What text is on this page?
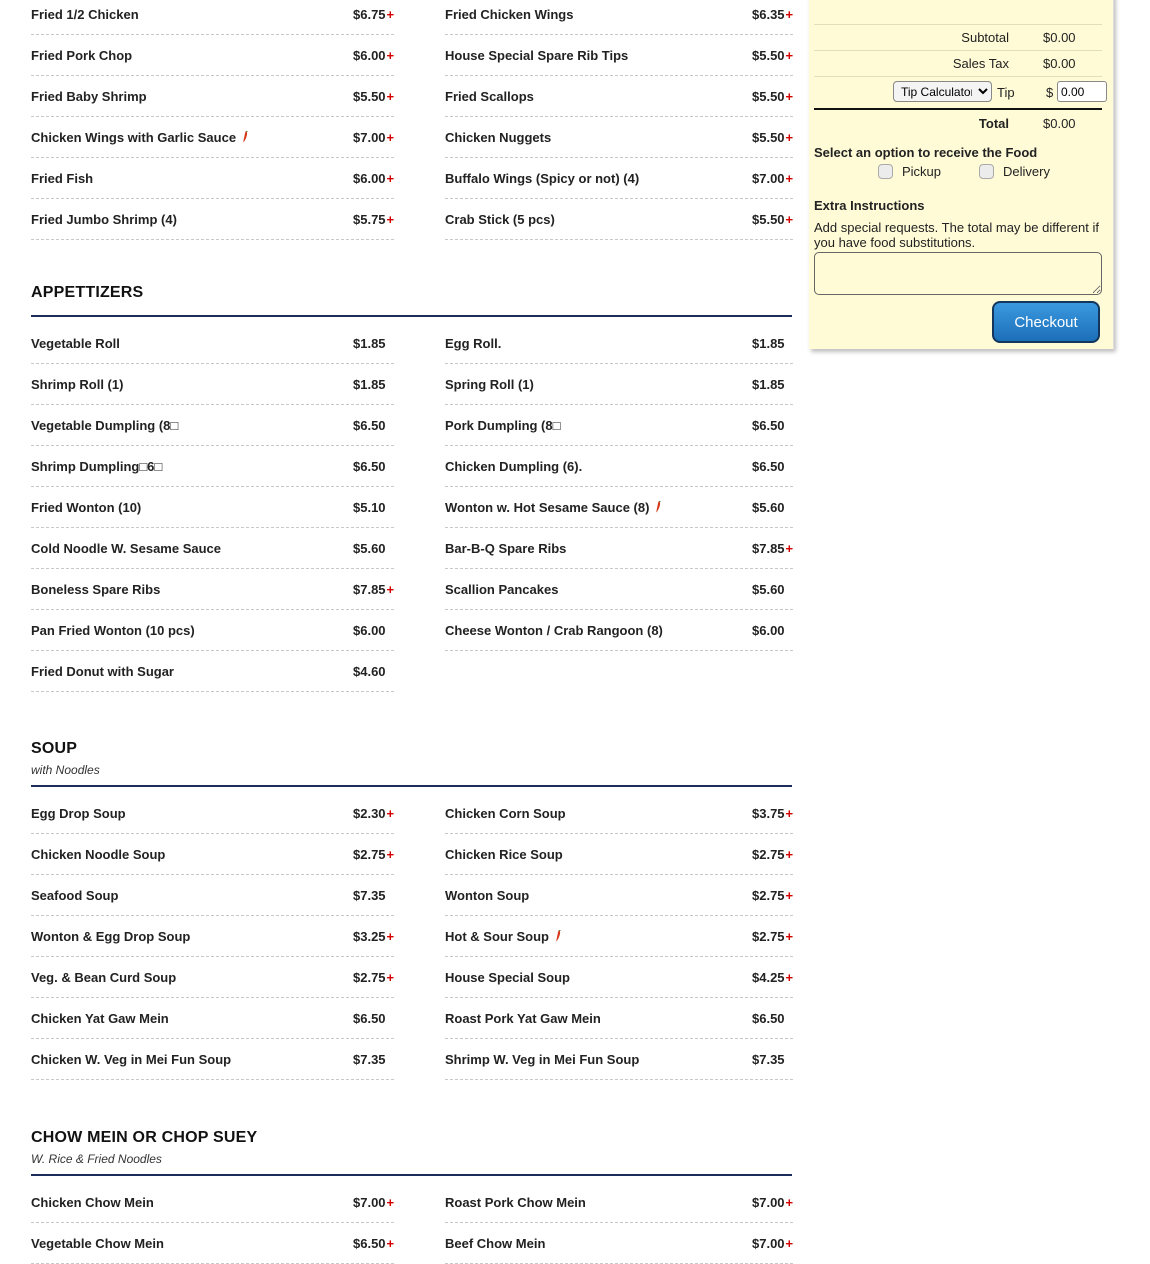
Fried 1/2 Chicken	$6.75+
Fried Pork Chop	$6.00+
Fried Baby Shrimp	$5.50+
Chicken Wings with Garlic Sauce	$7.00+
Fried Fish	$6.00+
Fried Jumbo Shrimp (4)	$5.75+
Fried Chicken Wings	$6.35+
House Special Spare Rib Tips	$5.50+
Fried Scallops	$5.50+
Chicken Nuggets	$5.50+
Buffalo Wings (Spicy or not) (4)	$7.00+
Crab Stick (5 pcs)	$5.50+
APPETTIZERS
Vegetable Roll	$1.85
Shrimp Roll (1)	$1.85
Vegetable Dumpling (8□	$6.50
Shrimp Dumpling□6□	$6.50
Fried Wonton (10)	$5.10
Cold Noodle W. Sesame Sauce	$5.60
Boneless Spare Ribs	$7.85+
Pan Fried Wonton (10 pcs)	$6.00
Fried Donut with Sugar	$4.60
Egg Roll.	$1.85
Spring Roll (1)	$1.85
Pork Dumpling (8□	$6.50
Chicken Dumpling (6).	$6.50
Wonton w. Hot Sesame Sauce (8)	$5.60
Bar-B-Q Spare Ribs	$7.85+
Scallion Pancakes	$5.60
Cheese Wonton / Crab Rangoon (8)	$6.00
SOUP
with Noodles
Egg Drop Soup	$2.30+
Chicken Noodle Soup	$2.75+
Seafood Soup	$7.35
Wonton & Egg Drop Soup	$3.25+
Veg. & Bean Curd Soup	$2.75+
Chicken Yat Gaw Mein	$6.50
Chicken W. Veg in Mei Fun Soup	$7.35
Chicken Corn Soup	$3.75+
Chicken Rice Soup	$2.75+
Wonton Soup	$2.75+
Hot & Sour Soup	$2.75+
House Special Soup	$4.25+
Roast Pork Yat Gaw Mein	$6.50
Shrimp W. Veg in Mei Fun Soup	$7.35
CHOW MEIN OR CHOP SUEY
W. Rice & Fried Noodles
Chicken Chow Mein	$7.00+
Vegetable Chow Mein	$6.50+
Roast Pork Chow Mein	$7.00+
Beef Chow Mein	$7.00+
Subtotal	$0.00
Sales Tax	$0.00
Tip Calculator
Tip $
0.00
Total	$0.00
Select an option to receive the Food
Pickup	Delivery
Extra Instructions
Add special requests. The total may be different if you have food substitutions.
Checkout
